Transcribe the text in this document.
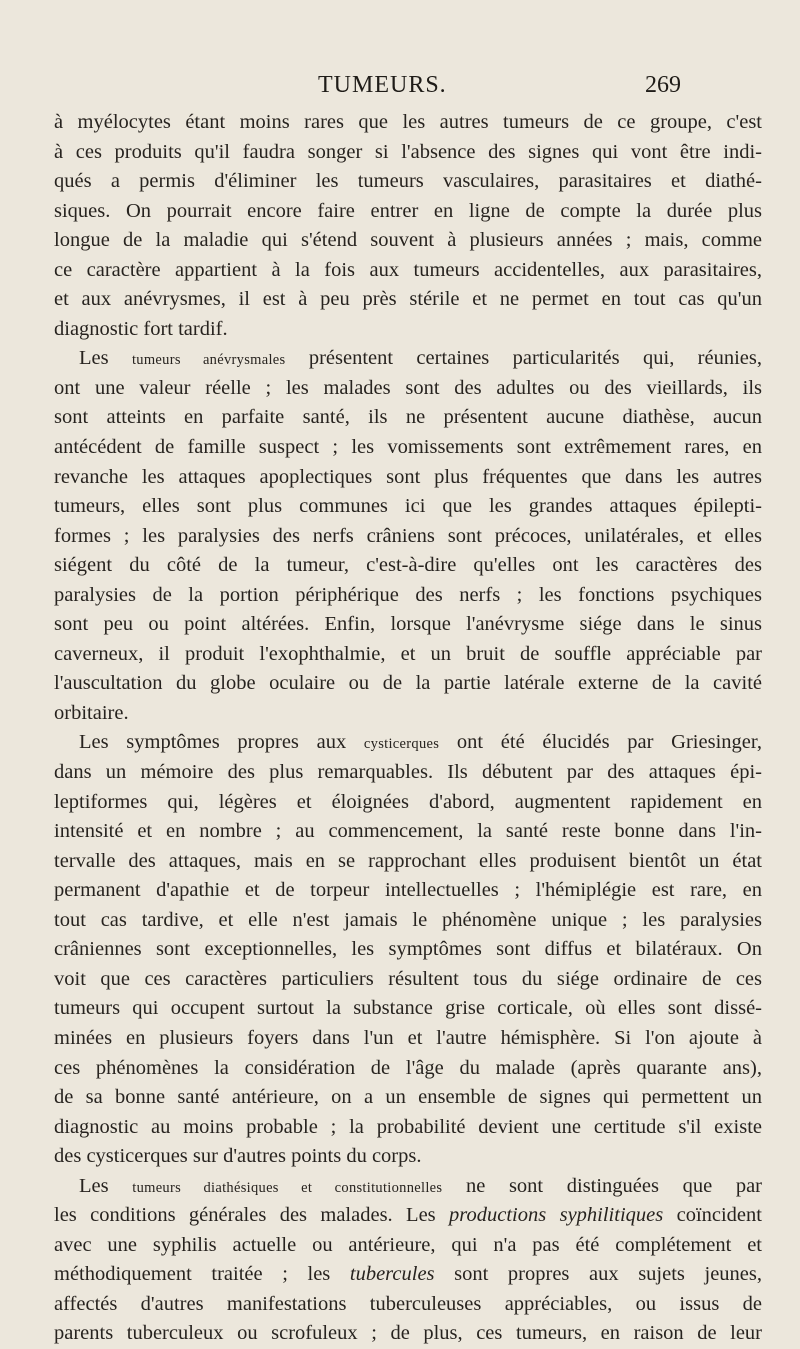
TUMEURS.	269
à myélocytes étant moins rares que les autres tumeurs de ce groupe, c'est
à ces produits qu'il faudra songer si l'absence des signes qui vont être indi-
qués a permis d'éliminer les tumeurs vasculaires, parasitaires et diathé-
siques. On pourrait encore faire entrer en ligne de compte la durée plus
longue de la maladie qui s'étend souvent à plusieurs années ; mais, comme
ce caractère appartient à la fois aux tumeurs accidentelles, aux parasitaires,
et aux anévrysmes, il est à peu près stérile et ne permet en tout cas qu'un
diagnostic fort tardif.
Les tumeurs anévrysmales présentent certaines particularités qui, réunies,
ont une valeur réelle ; les malades sont des adultes ou des vieillards, ils
sont atteints en parfaite santé, ils ne présentent aucune diathèse, aucun
antécédent de famille suspect ; les vomissements sont extrêmement rares, en
revanche les attaques apoplectiques sont plus fréquentes que dans les autres
tumeurs, elles sont plus communes ici que les grandes attaques épilepti-
formes ; les paralysies des nerfs crâniens sont précoces, unilatérales, et elles
siégent du côté de la tumeur, c'est-à-dire qu'elles ont les caractères des
paralysies de la portion périphérique des nerfs ; les fonctions psychiques
sont peu ou point altérées. Enfin, lorsque l'anévrysme siége dans le sinus
caverneux, il produit l'exophthalmie, et un bruit de souffle appréciable par
l'auscultation du globe oculaire ou de la partie latérale externe de la cavité
orbitaire.
Les symptômes propres aux cysticerques ont été élucidés par Griesinger,
dans un mémoire des plus remarquables. Ils débutent par des attaques épi-
leptiformes qui, légères et éloignées d'abord, augmentent rapidement en
intensité et en nombre ; au commencement, la santé reste bonne dans l'in-
tervalle des attaques, mais en se rapprochant elles produisent bientôt un état
permanent d'apathie et de torpeur intellectuelles ; l'hémiplégie est rare, en
tout cas tardive, et elle n'est jamais le phénomène unique ; les paralysies
crâniennes sont exceptionnelles, les symptômes sont diffus et bilatéraux. On
voit que ces caractères particuliers résultent tous du siége ordinaire de ces
tumeurs qui occupent surtout la substance grise corticale, où elles sont dissé-
minées en plusieurs foyers dans l'un et l'autre hémisphère. Si l'on ajoute à
ces phénomènes la considération de l'âge du malade (après quarante ans),
de sa bonne santé antérieure, on a un ensemble de signes qui permettent un
diagnostic au moins probable ; la probabilité devient une certitude s'il existe
des cysticerques sur d'autres points du corps.
Les tumeurs diathésiques et constitutionnelles ne sont distinguées que par
les conditions générales des malades. Les productions syphilitiques coïncident
avec une syphilis actuelle ou antérieure, qui n'a pas été complétement et
méthodiquement traitée ; les tubercules sont propres aux sujets jeunes,
affectés d'autres manifestations tuberculeuses appréciables, ou issus de
parents tuberculeux ou scrofuleux ; de plus, ces tumeurs, en raison de leur
